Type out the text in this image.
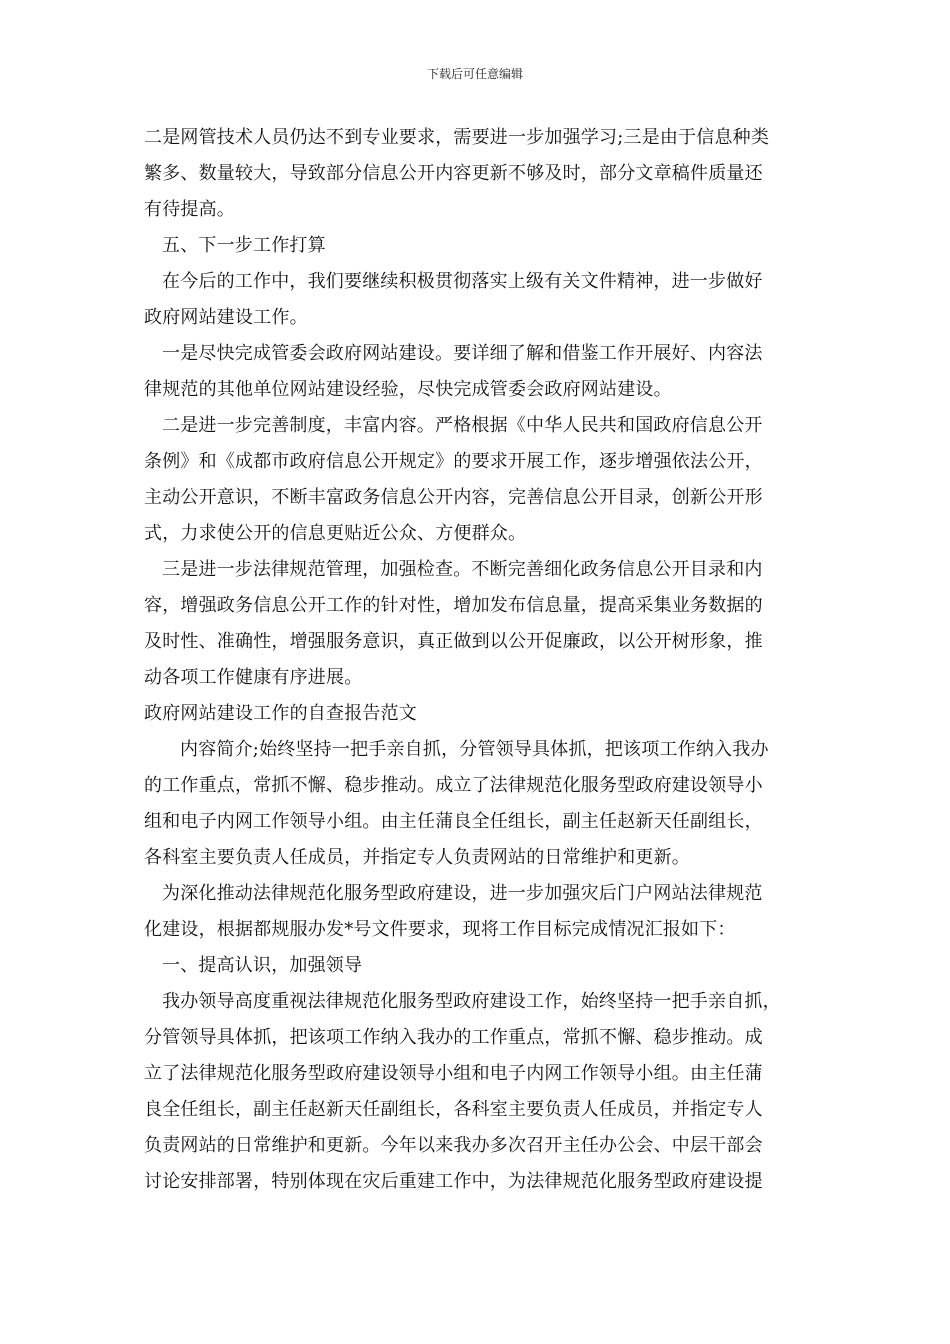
下载后可任意编辑

二是网管技术人员仍达不到专业要求，需要进一步加强学习;三是由于信息种类
繁多、数量较大，导致部分信息公开内容更新不够及时，部分文章稿件质量还
有待提高。

五、下一步工作打算

在今后的工作中，我们要继续积极贯彻落实上级有关文件精神，进一步做好
政府网站建设工作。

一是尽快完成管委会政府网站建设。要详细了解和借鉴工作开展好、内容法
律规范的其他单位网站建设经验，尽快完成管委会政府网站建设。

二是进一步完善制度，丰富内容。严格根据《中华人民共和国政府信息公开
条例》和《成都市政府信息公开规定》的要求开展工作，逐步增强依法公开，
主动公开意识，不断丰富政务信息公开内容，完善信息公开目录，创新公开形
式，力求使公开的信息更贴近公众、方便群众。

三是进一步法律规范管理，加强检查。不断完善细化政务信息公开目录和内
容，增强政务信息公开工作的针对性，增加发布信息量，提高采集业务数据的
及时性、准确性，增强服务意识，真正做到以公开促廉政，以公开树形象，推
动各项工作健康有序进展。

政府网站建设工作的自查报告范文

内容简介;始终坚持一把手亲自抓，分管领导具体抓，把该项工作纳入我办
的工作重点，常抓不懈、稳步推动。成立了法律规范化服务型政府建设领导小
组和电子内网工作领导小组。由主任蒲良全任组长，副主任赵新天任副组长，
各科室主要负责人任成员，并指定专人负责网站的日常维护和更新。

为深化推动法律规范化服务型政府建设，进一步加强灾后门户网站法律规范
化建设，根据都规服办发*号文件要求，现将工作目标完成情况汇报如下：

一、提高认识，加强领导

我办领导高度重视法律规范化服务型政府建设工作，始终坚持一把手亲自抓，
分管领导具体抓，把该项工作纳入我办的工作重点，常抓不懈、稳步推动。成
立了法律规范化服务型政府建设领导小组和电子内网工作领导小组。由主任蒲
良全任组长，副主任赵新天任副组长，各科室主要负责人任成员，并指定专人
负责网站的日常维护和更新。今年以来我办多次召开主任办公会、中层干部会
讨论安排部署，特别体现在灾后重建工作中，为法律规范化服务型政府建设提
